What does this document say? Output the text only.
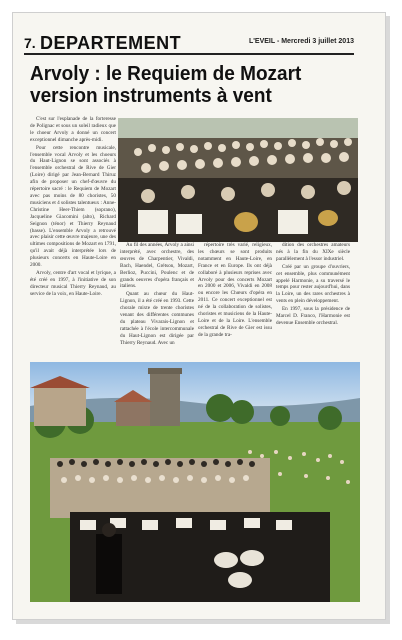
7. DEPARTEMENT	L'EVEIL - Mercredi 3 juillet 2013
Arvoly : le Requiem de Mozart
version instruments à vent

C'est sur l'esplanade de la forteresse de Polignac et sous un soleil radieux que le choeur Arvoly a donné un concert exceptionnel dimanche après-midi.

Pour cette rencontre musicale, l'ensemble vocal Arvoly et les choeurs du Haut-Lignon se sont associés à l'ensemble orchestral de Rive de Gier (Loire) dirigé par Jean-Bernard Thiruz afin de proposer un chef-d'œuvre du répertoire sacré : le Requiem de Mozart avec pas moins de 80 choristes, 50 musiciens et 4 solistes talentueux : Anne-Christine Heer-Thiem (soprano), Jacqueline Giacomini (alto), Richard Seignon (ténor) et Thierry Reynaud (basse). L'ensemble Arvoly a retrouvé avec plaisir cette œuvre majeure, une des ultimes compositions de Mozart en 1791, qu'il avait déjà interprétée lors de plusieurs concerts en Haute-Loire en 2000.

Arvoly, centre d'art vocal et lyrique, a été créé en 1997, à l'initiative de son directeur musical Thierry Reynaud, au service de la voix, en Haute-Loire.

Au fil des années, Arvoly a ainsi interprété, avec orchestre, des œuvres de Charpentier, Vivaldi, Bach, Haendel, Grétson, Mozart, Berlioz, Puccini, Poulenc et de grands oeuvres d'opéra français et italiens.

Quant au chœur du Haut-Lignon, il a été créé en 1993. Cette chorale mixte de trente choristes venant des différentes communes du plateau Vivarais-Lignon et rattachée à l'école intercommunale du Haut-Lignon est dirigée par Thierry Reynaud. Avec un

répertoire très varié, religieux, les chœurs se sont produits notamment en Haute-Loire, en France et en Europe. Ils ont déjà collaboré à plusieurs reprises avec Arvoly pour des concerts Mozart en 2000 et 2006, Vivaldi en 2008 ou encore les Chœurs d'opéra en 2011. Ce concert exceptionnel est né de la collaboration de solistes, choristes et musiciens de la Haute-Loire et de la Loire. L'ensemble orchestral de Rive de Gier est issu de la grande tra-

dition des orchestres amateurs nés à la fin du XIXe siècle parallèlement à l'essor industriel.

Créé par un groupe d'ouvriers, cet ensemble, plus communément appelé Harmonie, a su traversé le temps pour rester aujourd'hui, dans la Loire, un des rares orchestres à vents en plein développement.

En 1997, sous la présidence de Marcel D. Franco, l'Harmonie est devenue Ensemble orchestral.
